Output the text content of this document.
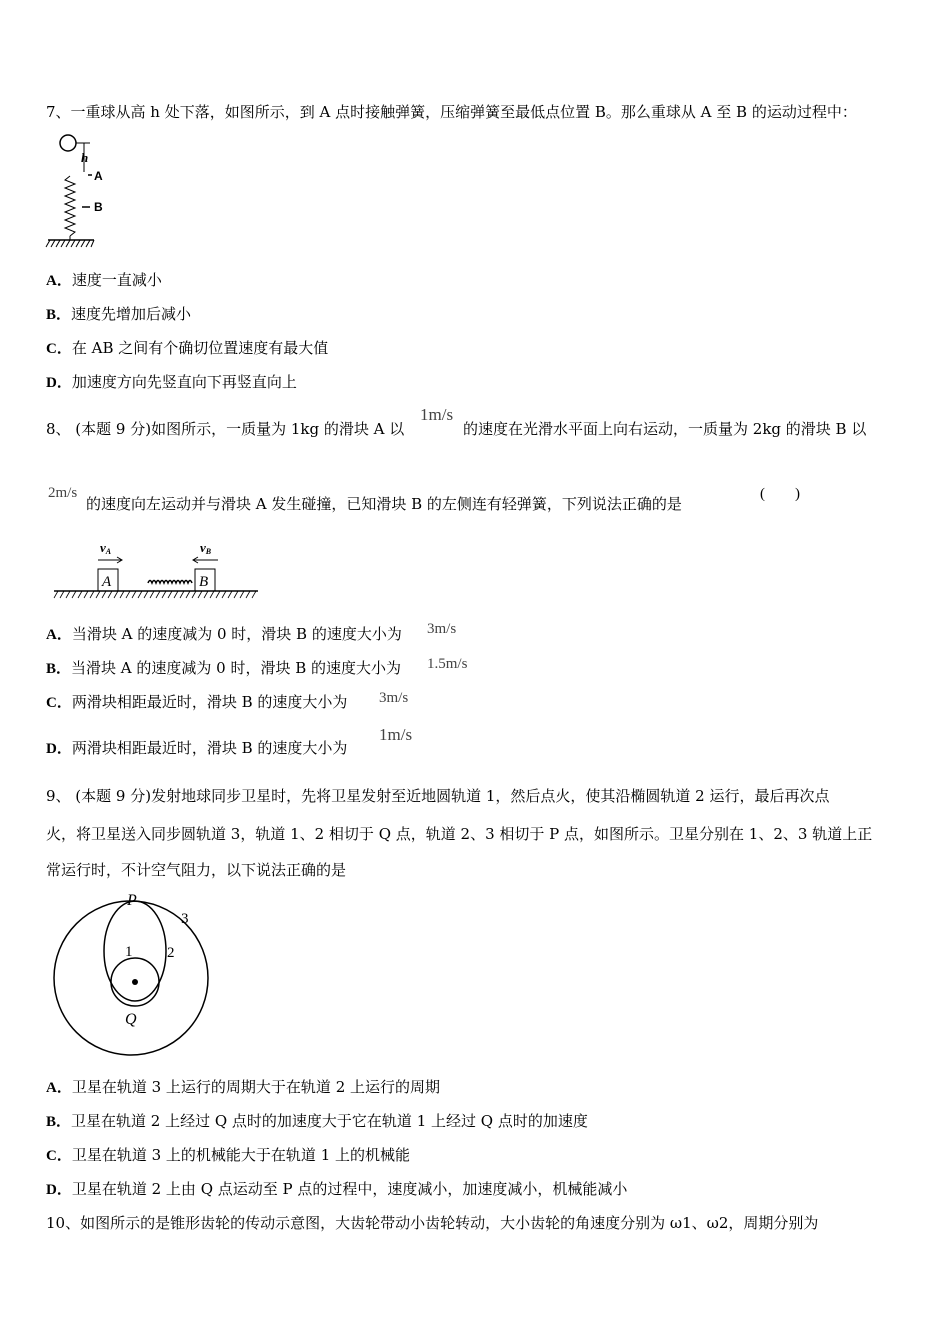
7、一重球从高 h 处下落，如图所示，到 A 点时接触弹簧，压缩弹簧至最低点位置 B。那么重球从 A 至 B 的运动过程中：
h
A
B
A．速度一直减小
B．速度先增加后减小
C．在 AB 之间有个确切位置速度有最大值
D．加速度方向先竖直向下再竖直向上
8、 (本题 9 分)如图所示，一质量为 1kg 的滑块 A 以
1m/s
的速度在光滑水平面上向右运动，一质量为 2kg 的滑块 B 以
2m/s
的速度向左运动并与滑块 A 发生碰撞，已知滑块 B 的左侧连有轻弹簧，下列说法正确的是
(　　)
vA	vB
A	B
A．当滑块 A 的速度减为 0 时，滑块 B 的速度大小为 3m/s
B．当滑块 A 的速度减为 0 时，滑块 B 的速度大小为 1.5m/s
C．两滑块相距最近时，滑块 B 的速度大小为 3m/s
D．两滑块相距最近时，滑块 B 的速度大小为
1m/s
9、 (本题 9 分)发射地球同步卫星时，先将卫星发射至近地圆轨道 1，然后点火，使其沿椭圆轨道 2 运行，最后再次点
火，将卫星送入同步圆轨道 3，轨道 1、2 相切于 Q 点，轨道 2、3 相切于 P 点，如图所示。卫星分别在 1、2、3 轨道上正
常运行时，不计空气阻力，以下说法正确的是
P
Q
1 2
3
A．卫星在轨道 3 上运行的周期大于在轨道 2 上运行的周期
B．卫星在轨道 2 上经过 Q 点时的加速度大于它在轨道 1 上经过 Q 点时的加速度
C．卫星在轨道 3 上的机械能大于在轨道 1 上的机械能
D．卫星在轨道 2 上由 Q 点运动至 P 点的过程中，速度减小，加速度减小，机械能减小
10、如图所示的是锥形齿轮的传动示意图，大齿轮带动小齿轮转动，大小齿轮的角速度分别为 ω1、ω2，周期分别为
